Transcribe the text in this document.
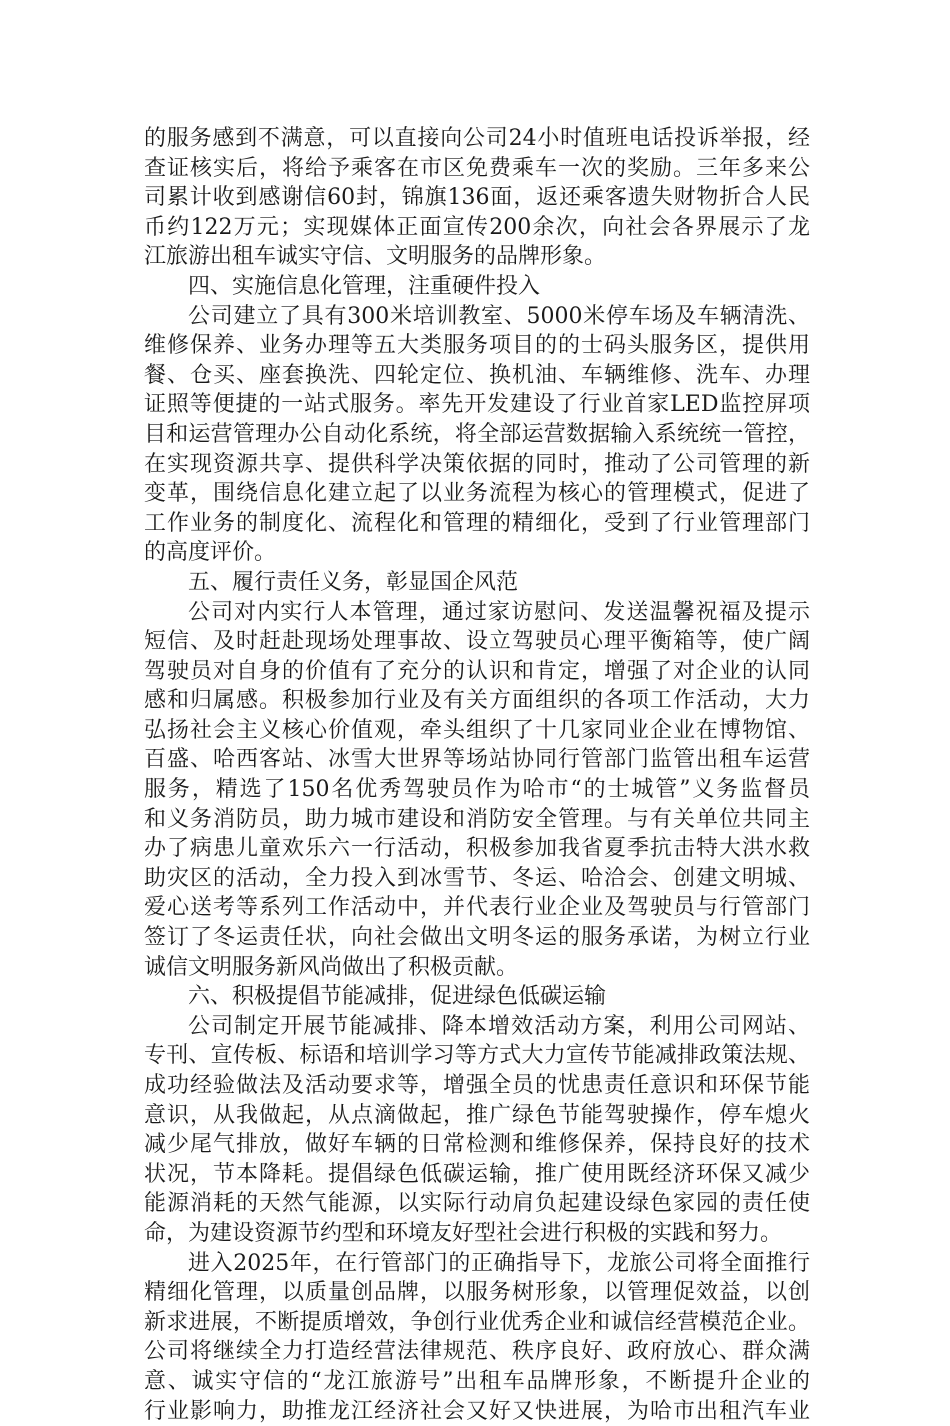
的服务感到不满意，可以直接向公司24小时值班电话投诉举报，经
查证核实后，将给予乘客在市区免费乘车一次的奖励。三年多来公
司累计收到感谢信60封，锦旗136面，返还乘客遗失财物折合人民
币约122万元；实现媒体正面宣传200余次，向社会各界展示了龙
江旅游出租车诚实守信、文明服务的品牌形象。
四、实施信息化管理，注重硬件投入
公司建立了具有300米培训教室、5000米停车场及车辆清洗、
维修保养、业务办理等五大类服务项目的的士码头服务区，提供用
餐、仓买、座套换洗、四轮定位、换机油、车辆维修、洗车、办理
证照等便捷的一站式服务。率先开发建设了行业首家LED监控屏项
目和运营管理办公自动化系统，将全部运营数据输入系统统一管控，
在实现资源共享、提供科学决策依据的同时，推动了公司管理的新
变革，围绕信息化建立起了以业务流程为核心的管理模式，促进了
工作业务的制度化、流程化和管理的精细化，受到了行业管理部门
的高度评价。
五、履行责任义务，彰显国企风范
公司对内实行人本管理，通过家访慰问、发送温馨祝福及提示
短信、及时赶赴现场处理事故、设立驾驶员心理平衡箱等，使广阔
驾驶员对自身的价值有了充分的认识和肯定，增强了对企业的认同
感和归属感。积极参加行业及有关方面组织的各项工作活动，大力
弘扬社会主义核心价值观，牵头组织了十几家同业企业在博物馆、
百盛、哈西客站、冰雪大世界等场站协同行管部门监管出租车运营
服务，精选了150名优秀驾驶员作为哈市“的士城管”义务监督员
和义务消防员，助力城市建设和消防安全管理。与有关单位共同主
办了病患儿童欢乐六一行活动，积极参加我省夏季抗击特大洪水救
助灾区的活动，全力投入到冰雪节、冬运、哈洽会、创建文明城、
爱心送考等系列工作活动中，并代表行业企业及驾驶员与行管部门
签订了冬运责任状，向社会做出文明冬运的服务承诺，为树立行业
诚信文明服务新风尚做出了积极贡献。
六、积极提倡节能减排，促进绿色低碳运输
公司制定开展节能减排、降本增效活动方案，利用公司网站、
专刊、宣传板、标语和培训学习等方式大力宣传节能减排政策法规、
成功经验做法及活动要求等，增强全员的忧患责任意识和环保节能
意识，从我做起，从点滴做起，推广绿色节能驾驶操作，停车熄火
减少尾气排放，做好车辆的日常检测和维修保养，保持良好的技术
状况，节本降耗。提倡绿色低碳运输，推广使用既经济环保又减少
能源消耗的天然气能源，以实际行动肩负起建设绿色家园的责任使
命，为建设资源节约型和环境友好型社会进行积极的实践和努力。
进入2025年，在行管部门的正确指导下，龙旅公司将全面推行
精细化管理，以质量创品牌，以服务树形象，以管理促效益，以创
新求进展，不断提质增效，争创行业优秀企业和诚信经营模范企业。
公司将继续全力打造经营法律规范、秩序良好、政府放心、群众满
意、诚实守信的“龙江旅游号”出租车品牌形象，不断提升企业的
行业影响力，助推龙江经济社会又好又快进展，为哈市出租汽车业
